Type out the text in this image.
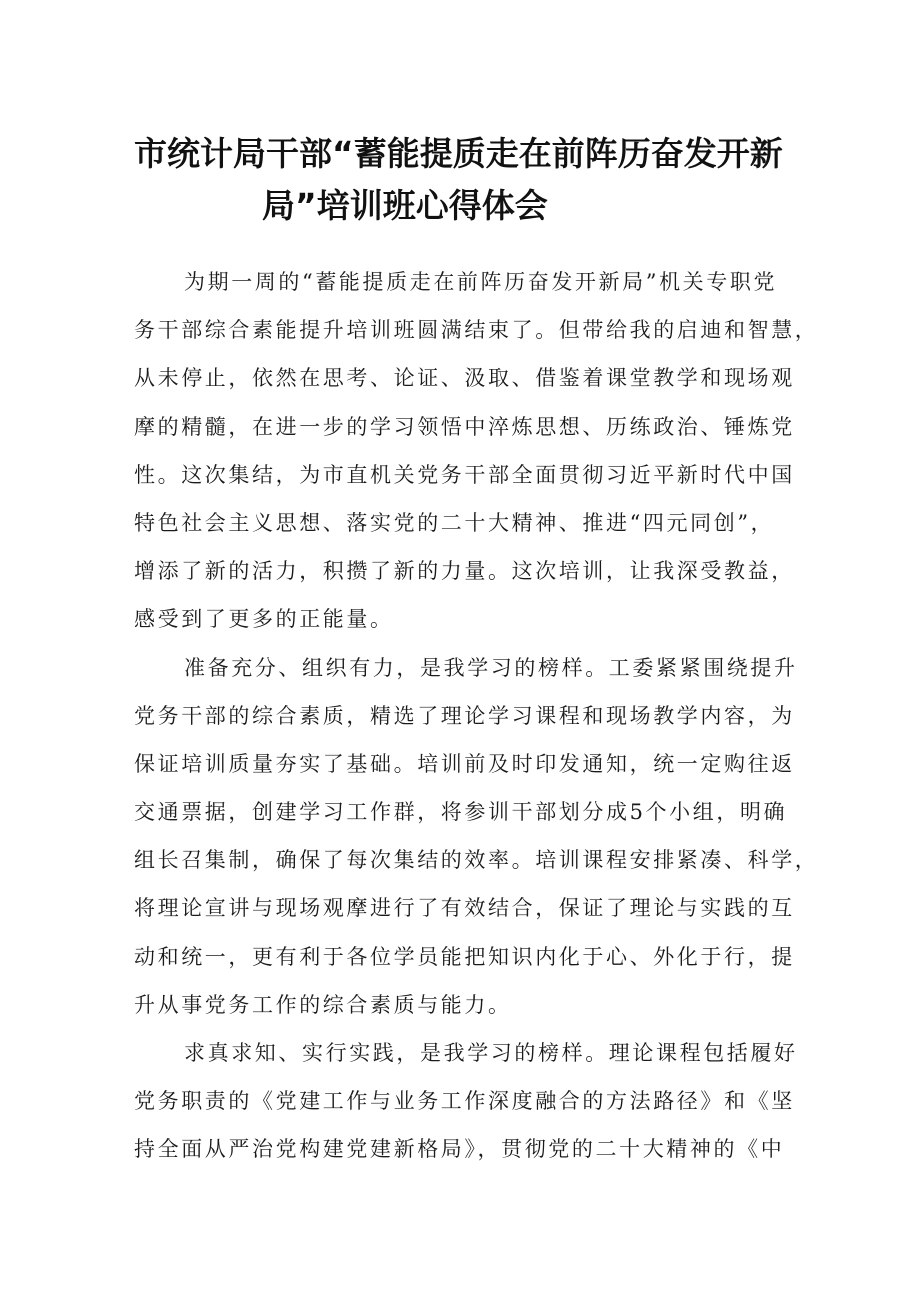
市统计局干部“蓄能提质走在前阵历奋发开新
局”培训班心得体会
为期一周的“蓄能提质走在前阵历奋发开新局”机关专职党
务干部综合素能提升培训班圆满结束了。但带给我的启迪和智慧，
从未停止，依然在思考、论证、汲取、借鉴着课堂教学和现场观
摩的精髓，在进一步的学习领悟中淬炼思想、历练政治、锤炼党
性。这次集结，为市直机关党务干部全面贯彻习近平新时代中国
特色社会主义思想、落实党的二十大精神、推进“四元同创”，
增添了新的活力，积攒了新的力量。这次培训，让我深受教益，
感受到了更多的正能量。
准备充分、组织有力，是我学习的榜样。工委紧紧围绕提升
党务干部的综合素质，精选了理论学习课程和现场教学内容，为
保证培训质量夯实了基础。培训前及时印发通知，统一定购往返
交通票据，创建学习工作群，将参训干部划分成5个小组，明确
组长召集制，确保了每次集结的效率。培训课程安排紧凑、科学，
将理论宣讲与现场观摩进行了有效结合，保证了理论与实践的互
动和统一，更有利于各位学员能把知识内化于心、外化于行，提
升从事党务工作的综合素质与能力。
求真求知、实行实践，是我学习的榜样。理论课程包括履好
党务职责的《党建工作与业务工作深度融合的方法路径》和《坚
持全面从严治党构建党建新格局》，贯彻党的二十大精神的《中
